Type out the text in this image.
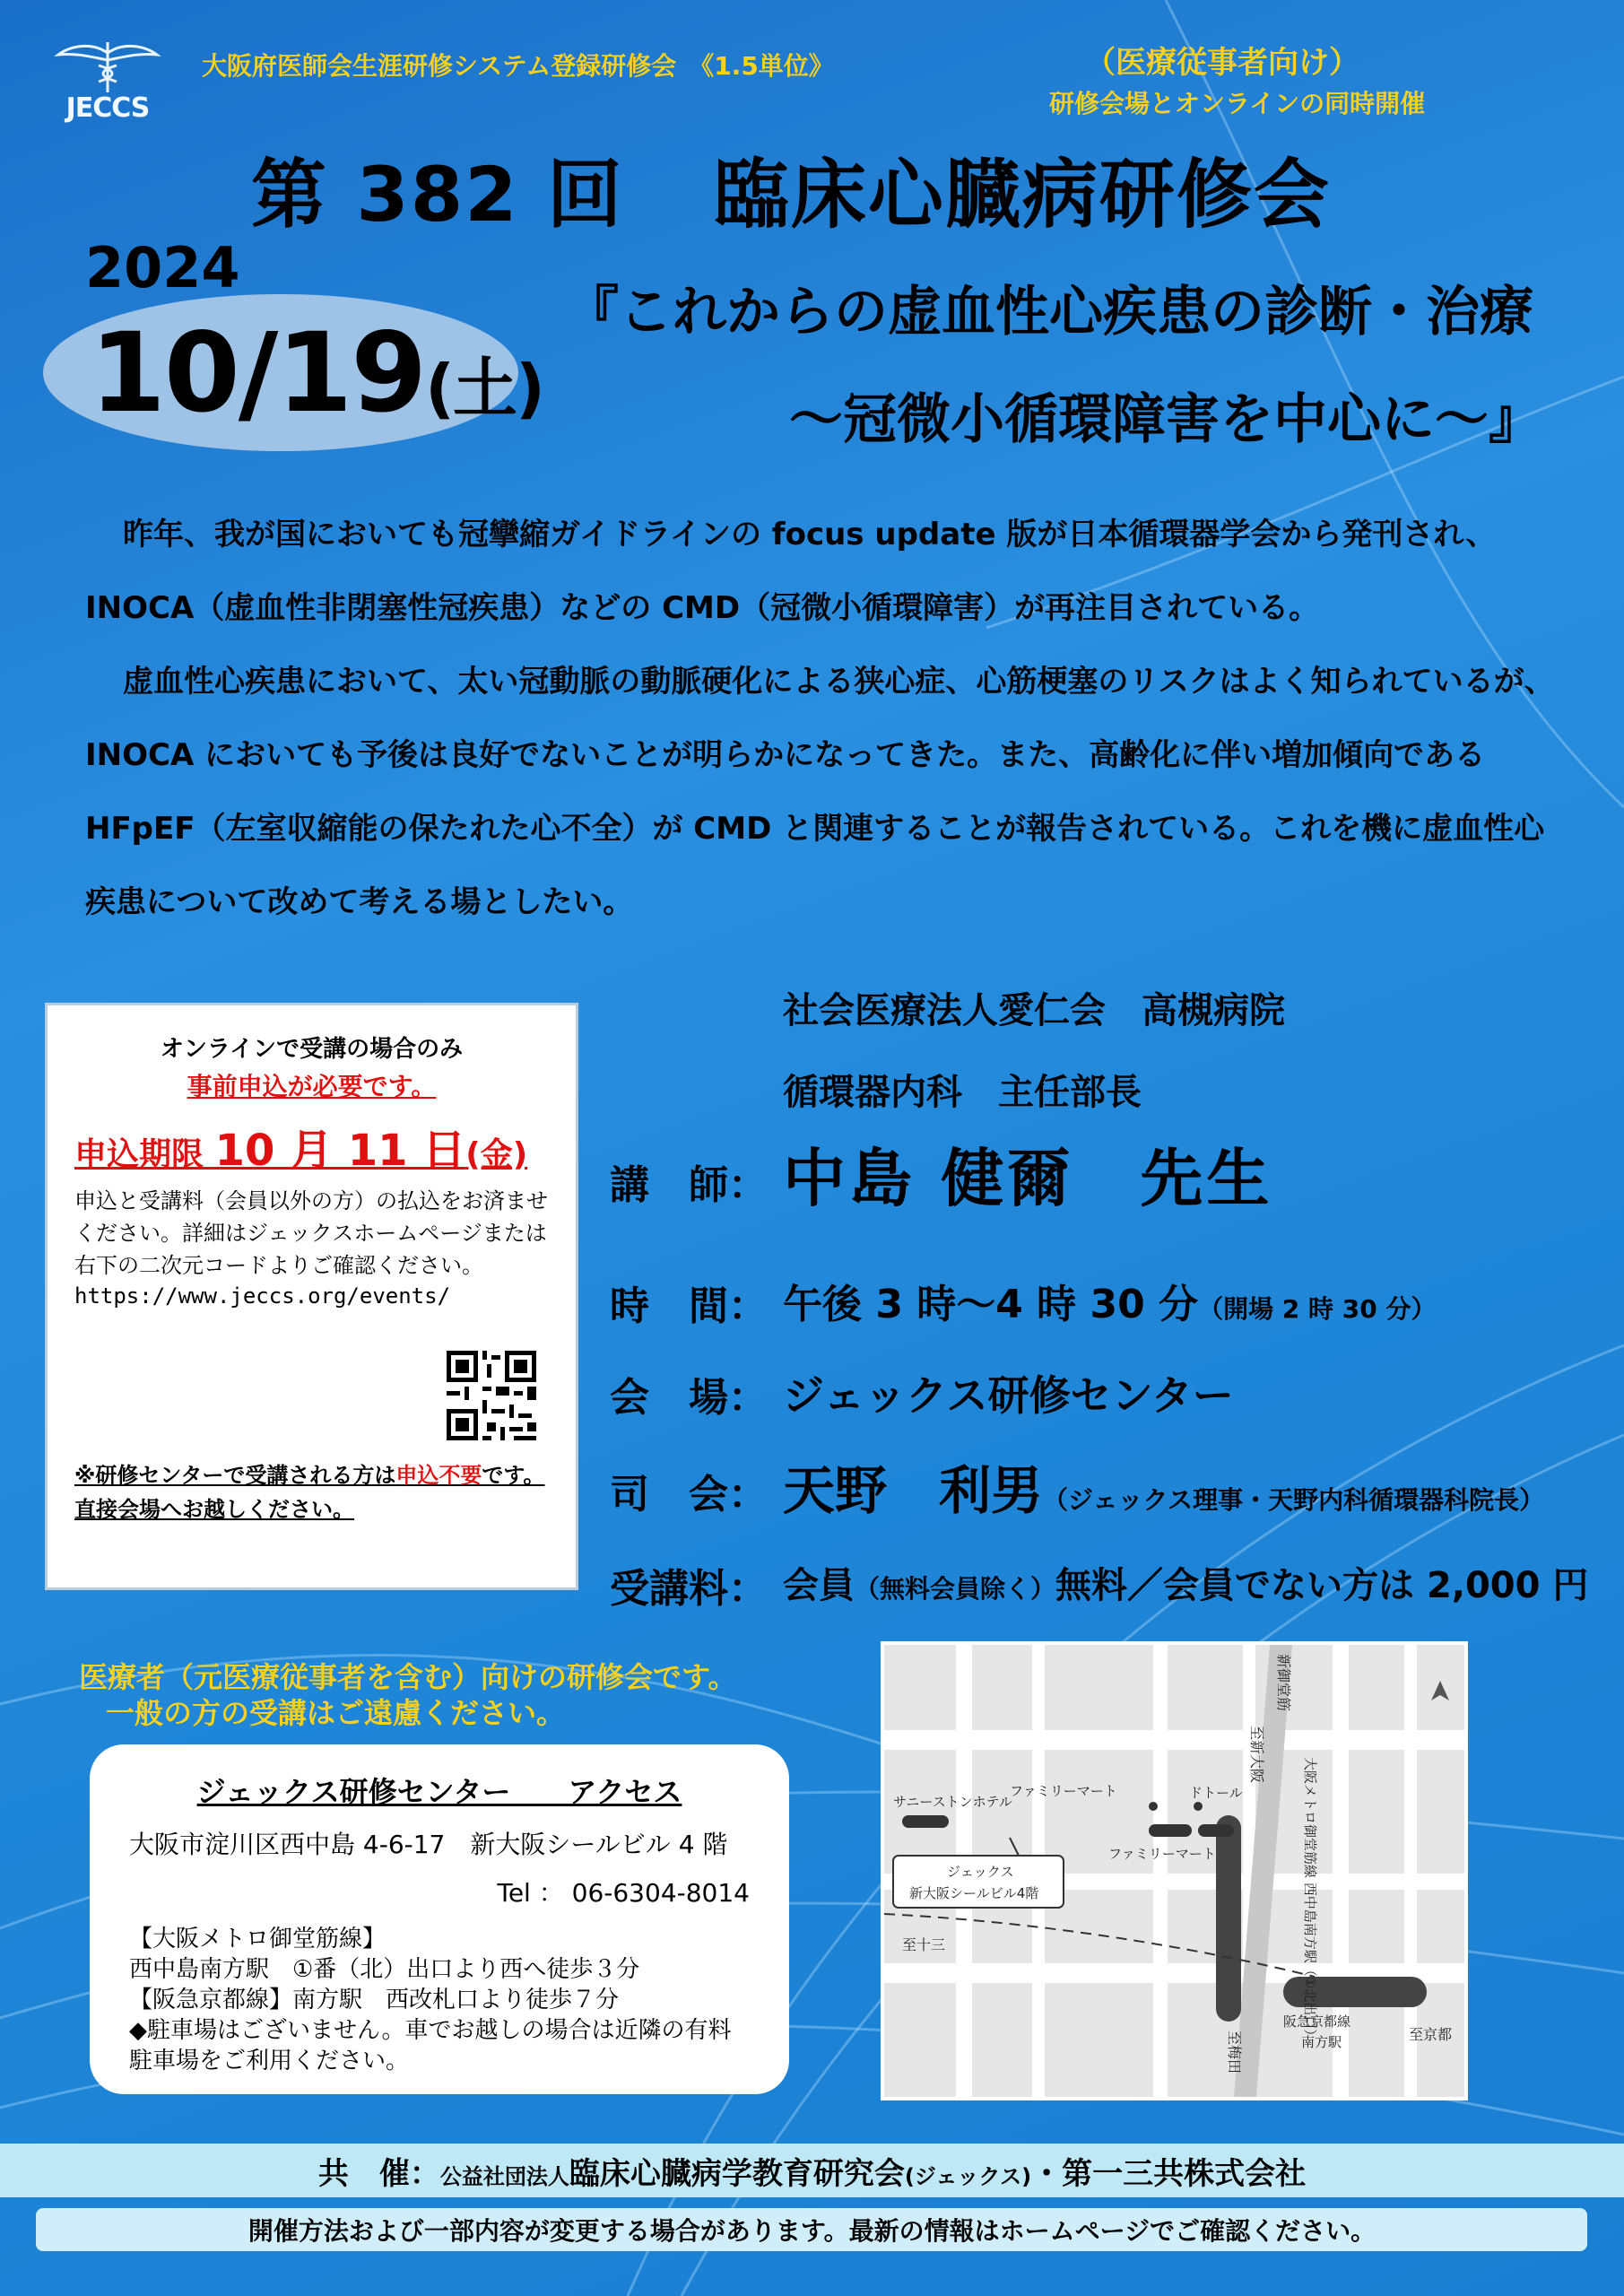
JECCS
大阪府医師会生涯研修システム登録研修会　《1.5単位》	（医療従事者向け）
研修会場とオンラインの同時開催
第 382 回 臨床心臓病研修会
2024
10/19(土)
『これからの虚血性心疾患の診断・治療
～冠微小循環障害を中心に～』

昨年、我が国においても冠攣縮ガイドラインの focus update 版が日本循環器学会から発刊され、INOCA（虚血性非閉塞性冠疾患）などの CMD（冠微小循環障害）が再注目されている。

虚血性心疾患において、太い冠動脈の動脈硬化による狭心症、心筋梗塞のリスクはよく知られているが、INOCA においても予後は良好でないことが明らかになってきた。また、高齢化に伴い増加傾向である HFpEF（左室収縮能の保たれた心不全）が CMD と関連することが報告されている。これを機に虚血性心疾患について改めて考える場としたい。

オンラインで受講の場合のみ
事前申込が必要です。
申込期限 10 月 11 日(金)
申込と受講料（会員以外の方）の払込をお済ませください。詳細はジェックスホームページまたは右下の二次元コードよりご確認ください。
https://www.jeccs.org/events/
※研修センターで受講される方は申込不要です。直接会場へお越しください。
社会医療法人愛仁会　高槻病院
循環器内科　主任部長
講　師： 中島 健爾　先生
時　間： 午後 3 時～4 時 30 分（開場 2 時 30 分）
会　場： ジェックス研修センター
司　会： 天野　利男（ジェックス理事・天野内科循環器科院長）
受講料： 会員（無料会員除く）無料／会員でない方は 2,000 円
医療者（元医療従事者を含む）向けの研修会です。
一般の方の受講はご遠慮ください。
ジェックス研修センター　　アクセス
大阪市淀川区西中島 4-6-17　新大阪シールビル 4 階
Tel ： 06-6304-8014
【大阪メトロ御堂筋線】
西中島南方駅　①番（北）出口より西へ徒歩３分
【阪急京都線】南方駅　西改札口より徒歩７分
◆駐車場はございません。車でお越しの場合は近隣の有料
駐車場をご利用ください。
新御堂筋
至新大阪
至梅田
至十三
至京都
大阪メトロ御堂筋線 西中島南方駅（①北出口）
阪急京都線
南方駅
サニーストンホテル
ファミリーマート
ファミリーマート
ドトール
ジェックス
新大阪シールビル4階
共　催：公益社団法人臨床心臓病学教育研究会(ジェックス)・第一三共株式会社
開催方法および一部内容が変更する場合があります。最新の情報はホームページでご確認ください。
